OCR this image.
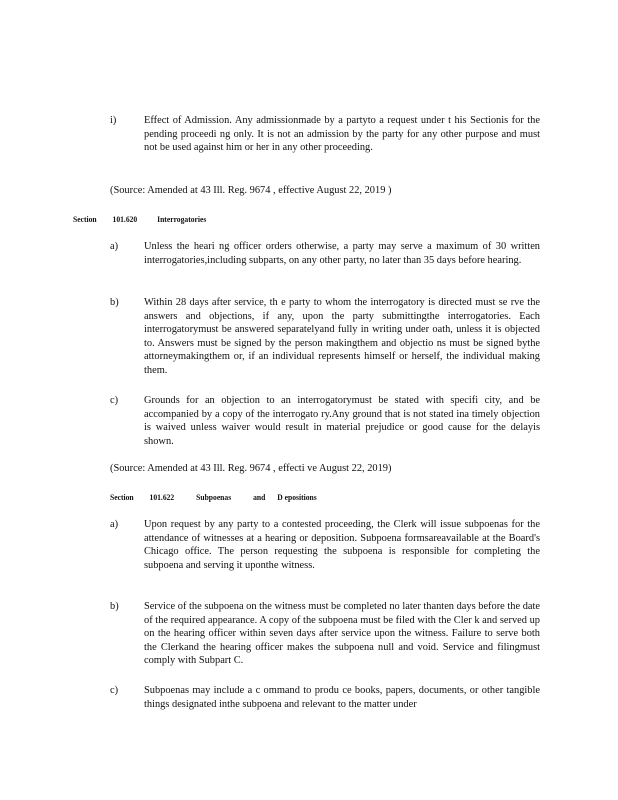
i)	Effect of Admission. Any admissionmade by a partyto a request under t his Sectionis for the pending proceedi ng only. It is not an admission by the party for any other purpose and must not be used against him or her in any other proceeding.
(Source: Amended at 43 Ill. Reg. 9674 , effective August 22, 2019 )
Section 101.620	Interrogatories
a) Unless the heari ng officer orders otherwise, a party may serve a maximum of 30 written interrogatories,including subparts, on any other party, no later than 35 days before hearing.
b) Within 28 days after service, th e party to whom the interrogatory is directed must se rve the answers and objections, if any, upon the party submittingthe interrogatories. Each interrogatorymust be answered separatelyand fully in writing under oath, unless it is objected to. Answers must be signed by the person makingthem and objectio ns must be signed bythe attorneymakingthem or, if an individual represents himself or herself, the individual making them.
c) Grounds for an objection to an interrogatorymust be stated with specifi city, and be accompanied by a copy of the interrogato ry.Any ground that is not stated ina timely objection is waived unless waiver would result in material prejudice or good cause for the delayis shown.
(Source: Amended at 43 Ill. Reg. 9674 , effecti ve August 22, 2019)
Section 101.622	Subpoenas	and D epositions
a) Upon request by any party to a contested proceeding, the Clerk will issue subpoenas for the attendance of witnesses at a hearing or deposition. Subpoena formsareavailable at the Board's Chicago office. The person requesting the subpoena is responsible for completing the subpoena and serving it uponthe witness.
b) Service of the subpoena on the witness must be completed no later thanten days before the date of the required appearance. A copy of the subpoena must be filed with the Cler k and served up on the hearing officer within seven days after service upon the witness. Failure to serve both the Clerkand the hearing officer makes the subpoena null and void. Service and filingmust comply with Subpart C.
c) Subpoenas may include a c ommand to produ ce books, papers, documents, or other tangible things designated inthe subpoena and relevant to the matter under
